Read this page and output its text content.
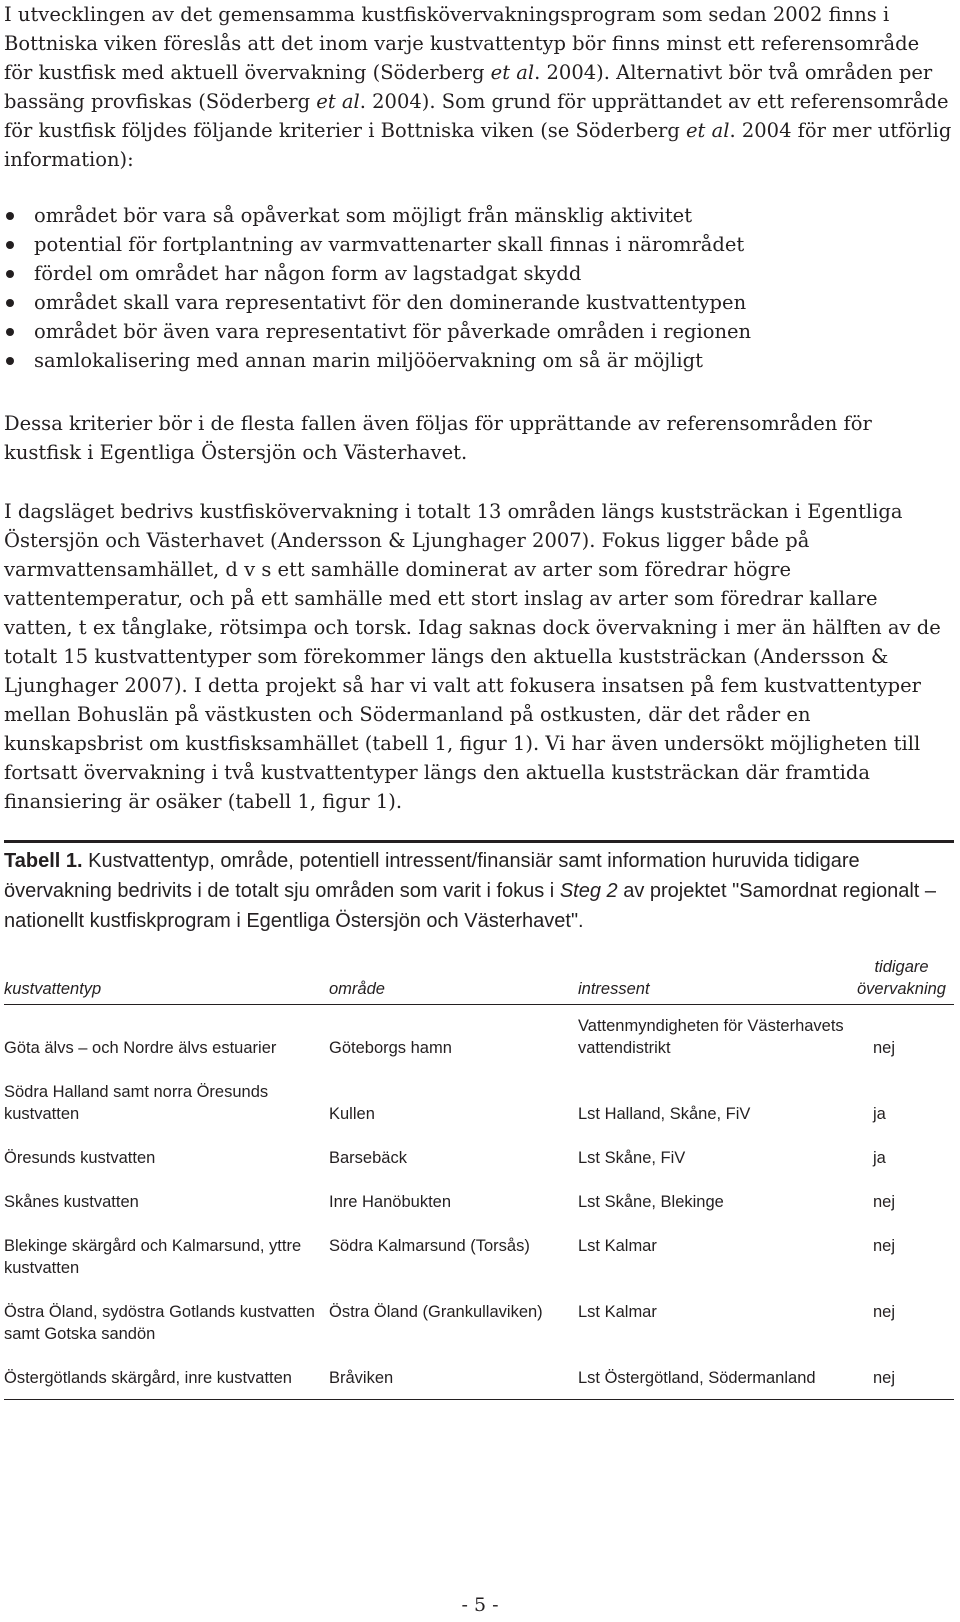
I utvecklingen av det gemensamma kustfiskövervakningsprogram som sedan 2002 finns i Bottniska viken föreslås att det inom varje kustvattentyp bör finns minst ett referensområde för kustfisk med aktuell övervakning (Söderberg et al. 2004). Alternativt bör två områden per bassäng provfiskas (Söderberg et al. 2004). Som grund för upprättandet av ett referensområde för kustfisk följdes följande kriterier i Bottniska viken (se Söderberg et al. 2004 för mer utförlig information):

området bör vara så opåverkat som möjligt från mänsklig aktivitet
potential för fortplantning av varmvattenarter skall finnas i närområdet
fördel om området har någon form av lagstadgat skydd
området skall vara representativt för den dominerande kustvattentypen
området bör även vara representativt för påverkade områden i regionen
samlokalisering med annan marin miljööervakning om så är möjligt

Dessa kriterier bör i de flesta fallen även följas för upprättande av referensområden för kustfisk i Egentliga Östersjön och Västerhavet.

I dagsläget bedrivs kustfiskövervakning i totalt 13 områden längs kuststräckan i Egentliga Östersjön och Västerhavet (Andersson & Ljunghager 2007). Fokus ligger både på varmvattensamhället, d v s ett samhälle dominerat av arter som föredrar högre vattentemperatur, och på ett samhälle med ett stort inslag av arter som föredrar kallare vatten, t ex tånglake, rötsimpa och torsk. Idag saknas dock övervakning i mer än hälften av de totalt 15 kustvattentyper som förekommer längs den aktuella kuststräckan (Andersson & Ljunghager 2007). I detta projekt så har vi valt att fokusera insatsen på fem kustvattentyper mellan Bohuslän på västkusten och Södermanland på ostkusten, där det råder en kunskapsbrist om kustfisksamhället (tabell 1, figur 1). Vi har även undersökt möjligheten till fortsatt övervakning i två kustvattentyper längs den aktuella kuststräckan där framtida finansiering är osäker (tabell 1, figur 1).

Tabell 1. Kustvattentyp, område, potentiell intressent/finansiär samt information huruvida tidigare övervakning bedrivits i de totalt sju områden som varit i fokus i Steg 2 av projektet "Samordnat regionalt – nationellt kustfiskprogram i Egentliga Östersjön och Västerhavet".

kustvattentyp	område	intressent	tidigare övervakning
Göta älvs – och Nordre älvs estuarier	Göteborgs hamn	Vattenmyndigheten för Västerhavets vattendistrikt	nej
Södra Halland samt norra Öresunds kustvatten	Kullen	Lst Halland, Skåne, FiV	ja
Öresunds kustvatten	Barsebäck	Lst Skåne, FiV	ja
Skånes kustvatten	Inre Hanöbukten	Lst Skåne, Blekinge	nej
Blekinge skärgård och Kalmarsund, yttre kustvatten	Södra Kalmarsund (Torsås)	Lst Kalmar	nej
Östra Öland, sydöstra Gotlands kustvatten samt Gotska sandön	Östra Öland (Grankullaviken)	Lst Kalmar	nej
Östergötlands skärgård, inre kustvatten	Bråviken	Lst Östergötland, Södermanland	nej
- 5 -
